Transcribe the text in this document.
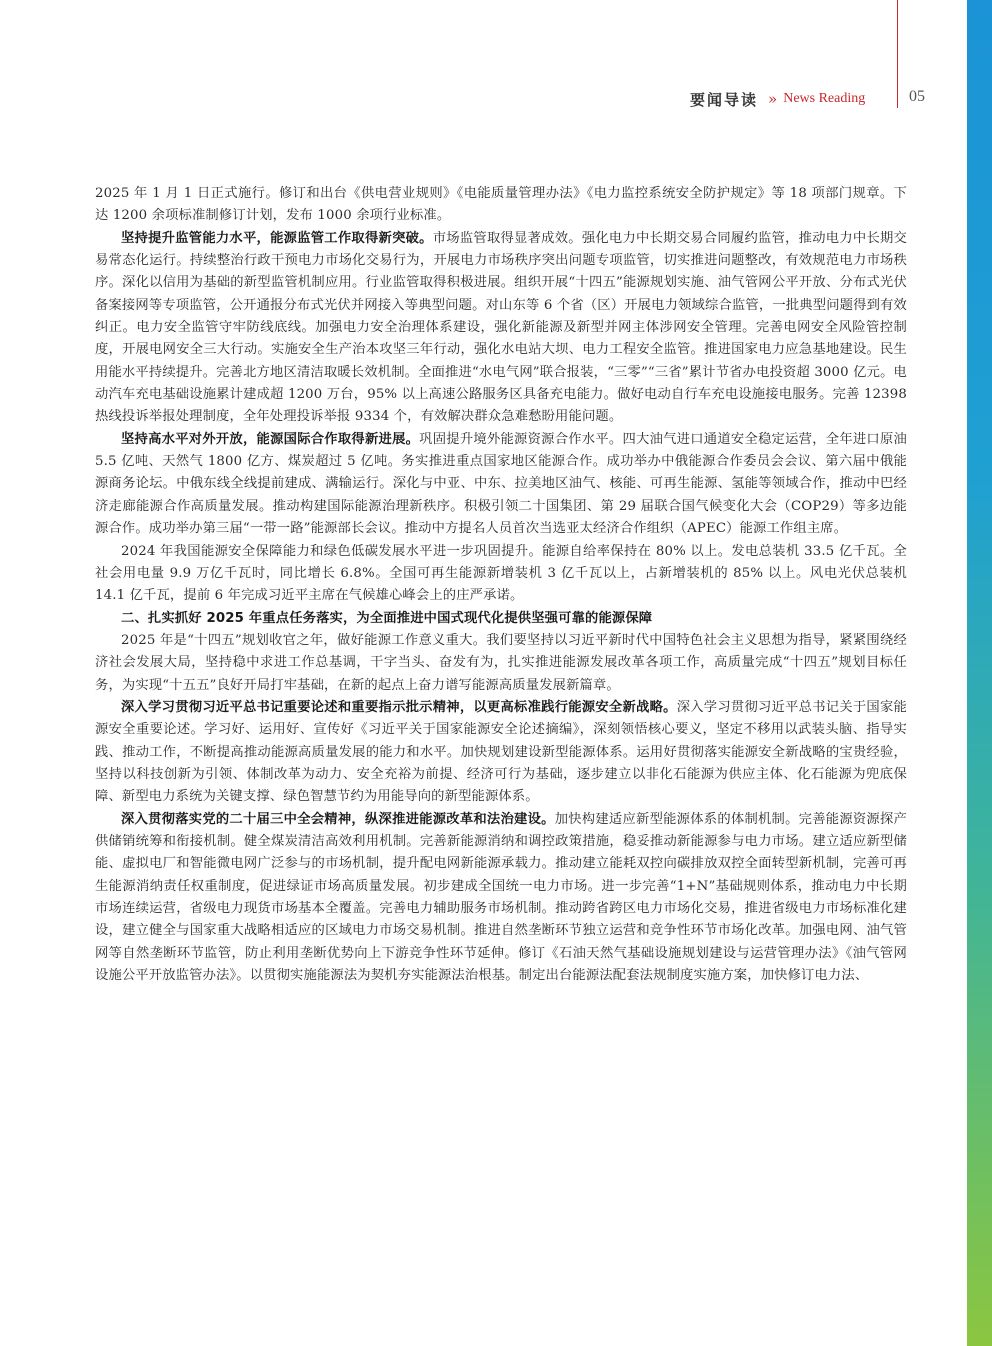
要闻导读 » News Reading	05

2025 年 1 月 1 日正式施行。修订和出台《供电营业规则》《电能质量管理办法》《电力监控系统安全防护规定》等 18 项部门规章。下达 1200 余项标准制修订计划，发布 1000 余项行业标准。

坚持提升监管能力水平，能源监管工作取得新突破。市场监管取得显著成效。强化电力中长期交易合同履约监管，推动电力中长期交易常态化运行。持续整治行政干预电力市场化交易行为，开展电力市场秩序突出问题专项监管，切实推进问题整改，有效规范电力市场秩序。深化以信用为基础的新型监管机制应用。行业监管取得积极进展。组织开展“十四五”能源规划实施、油气管网公平开放、分布式光伏备案接网等专项监管，公开通报分布式光伏并网接入等典型问题。对山东等 6 个省（区）开展电力领域综合监管，一批典型问题得到有效纠正。电力安全监管守牢防线底线。加强电力安全治理体系建设，强化新能源及新型并网主体涉网安全管理。完善电网安全风险管控制度，开展电网安全三大行动。实施安全生产治本攻坚三年行动，强化水电站大坝、电力工程安全监管。推进国家电力应急基地建设。民生用能水平持续提升。完善北方地区清洁取暖长效机制。全面推进“水电气网”联合报装，“三零”“三省”累计节省办电投资超 3000 亿元。电动汽车充电基础设施累计建成超 1200 万台，95% 以上高速公路服务区具备充电能力。做好电动自行车充电设施接电服务。完善 12398 热线投诉举报处理制度，全年处理投诉举报 9334 个，有效解决群众急难愁盼用能问题。

坚持高水平对外开放，能源国际合作取得新进展。巩固提升境外能源资源合作水平。四大油气进口通道安全稳定运营，全年进口原油 5.5 亿吨、天然气 1800 亿方、煤炭超过 5 亿吨。务实推进重点国家地区能源合作。成功举办中俄能源合作委员会会议、第六届中俄能源商务论坛。中俄东线全线提前建成、满输运行。深化与中亚、中东、拉美地区油气、核能、可再生能源、氢能等领域合作，推动中巴经济走廊能源合作高质量发展。推动构建国际能源治理新秩序。积极引领二十国集团、第 29 届联合国气候变化大会（COP29）等多边能源合作。成功举办第三届“一带一路”能源部长会议。推动中方提名人员首次当选亚太经济合作组织（APEC）能源工作组主席。

2024 年我国能源安全保障能力和绿色低碳发展水平进一步巩固提升。能源自给率保持在 80% 以上。发电总装机 33.5 亿千瓦。全社会用电量 9.9 万亿千瓦时，同比增长 6.8%。全国可再生能源新增装机 3 亿千瓦以上，占新增装机的 85% 以上。风电光伏总装机 14.1 亿千瓦，提前 6 年完成习近平主席在气候雄心峰会上的庄严承诺。

二、扎实抓好 2025 年重点任务落实，为全面推进中国式现代化提供坚强可靠的能源保障

2025 年是“十四五”规划收官之年，做好能源工作意义重大。我们要坚持以习近平新时代中国特色社会主义思想为指导，紧紧围绕经济社会发展大局，坚持稳中求进工作总基调，干字当头、奋发有为，扎实推进能源发展改革各项工作，高质量完成“十四五”规划目标任务，为实现“十五五”良好开局打牢基础，在新的起点上奋力谱写能源高质量发展新篇章。

深入学习贯彻习近平总书记重要论述和重要指示批示精神，以更高标准践行能源安全新战略。深入学习贯彻习近平总书记关于国家能源安全重要论述。学习好、运用好、宣传好《习近平关于国家能源安全论述摘编》，深刻领悟核心要义，坚定不移用以武装头脑、指导实践、推动工作，不断提高推动能源高质量发展的能力和水平。加快规划建设新型能源体系。运用好贯彻落实能源安全新战略的宝贵经验，坚持以科技创新为引领、体制改革为动力、安全充裕为前提、经济可行为基础，逐步建立以非化石能源为供应主体、化石能源为兜底保障、新型电力系统为关键支撑、绿色智慧节约为用能导向的新型能源体系。

深入贯彻落实党的二十届三中全会精神，纵深推进能源改革和法治建设。加快构建适应新型能源体系的体制机制。完善能源资源探产供储销统筹和衔接机制。健全煤炭清洁高效利用机制。完善新能源消纳和调控政策措施，稳妥推动新能源参与电力市场。建立适应新型储能、虚拟电厂和智能微电网广泛参与的市场机制，提升配电网新能源承载力。推动建立能耗双控向碳排放双控全面转型新机制，完善可再生能源消纳责任权重制度，促进绿证市场高质量发展。初步建成全国统一电力市场。进一步完善“1+N”基础规则体系，推动电力中长期市场连续运营，省级电力现货市场基本全覆盖。完善电力辅助服务市场机制。推动跨省跨区电力市场化交易，推进省级电力市场标准化建设，建立健全与国家重大战略相适应的区域电力市场交易机制。推进自然垄断环节独立运营和竞争性环节市场化改革。加强电网、油气管网等自然垄断环节监管，防止利用垄断优势向上下游竞争性环节延伸。修订《石油天然气基础设施规划建设与运营管理办法》《油气管网设施公平开放监管办法》。以贯彻实施能源法为契机夯实能源法治根基。制定出台能源法配套法规制度实施方案，加快修订电力法、
